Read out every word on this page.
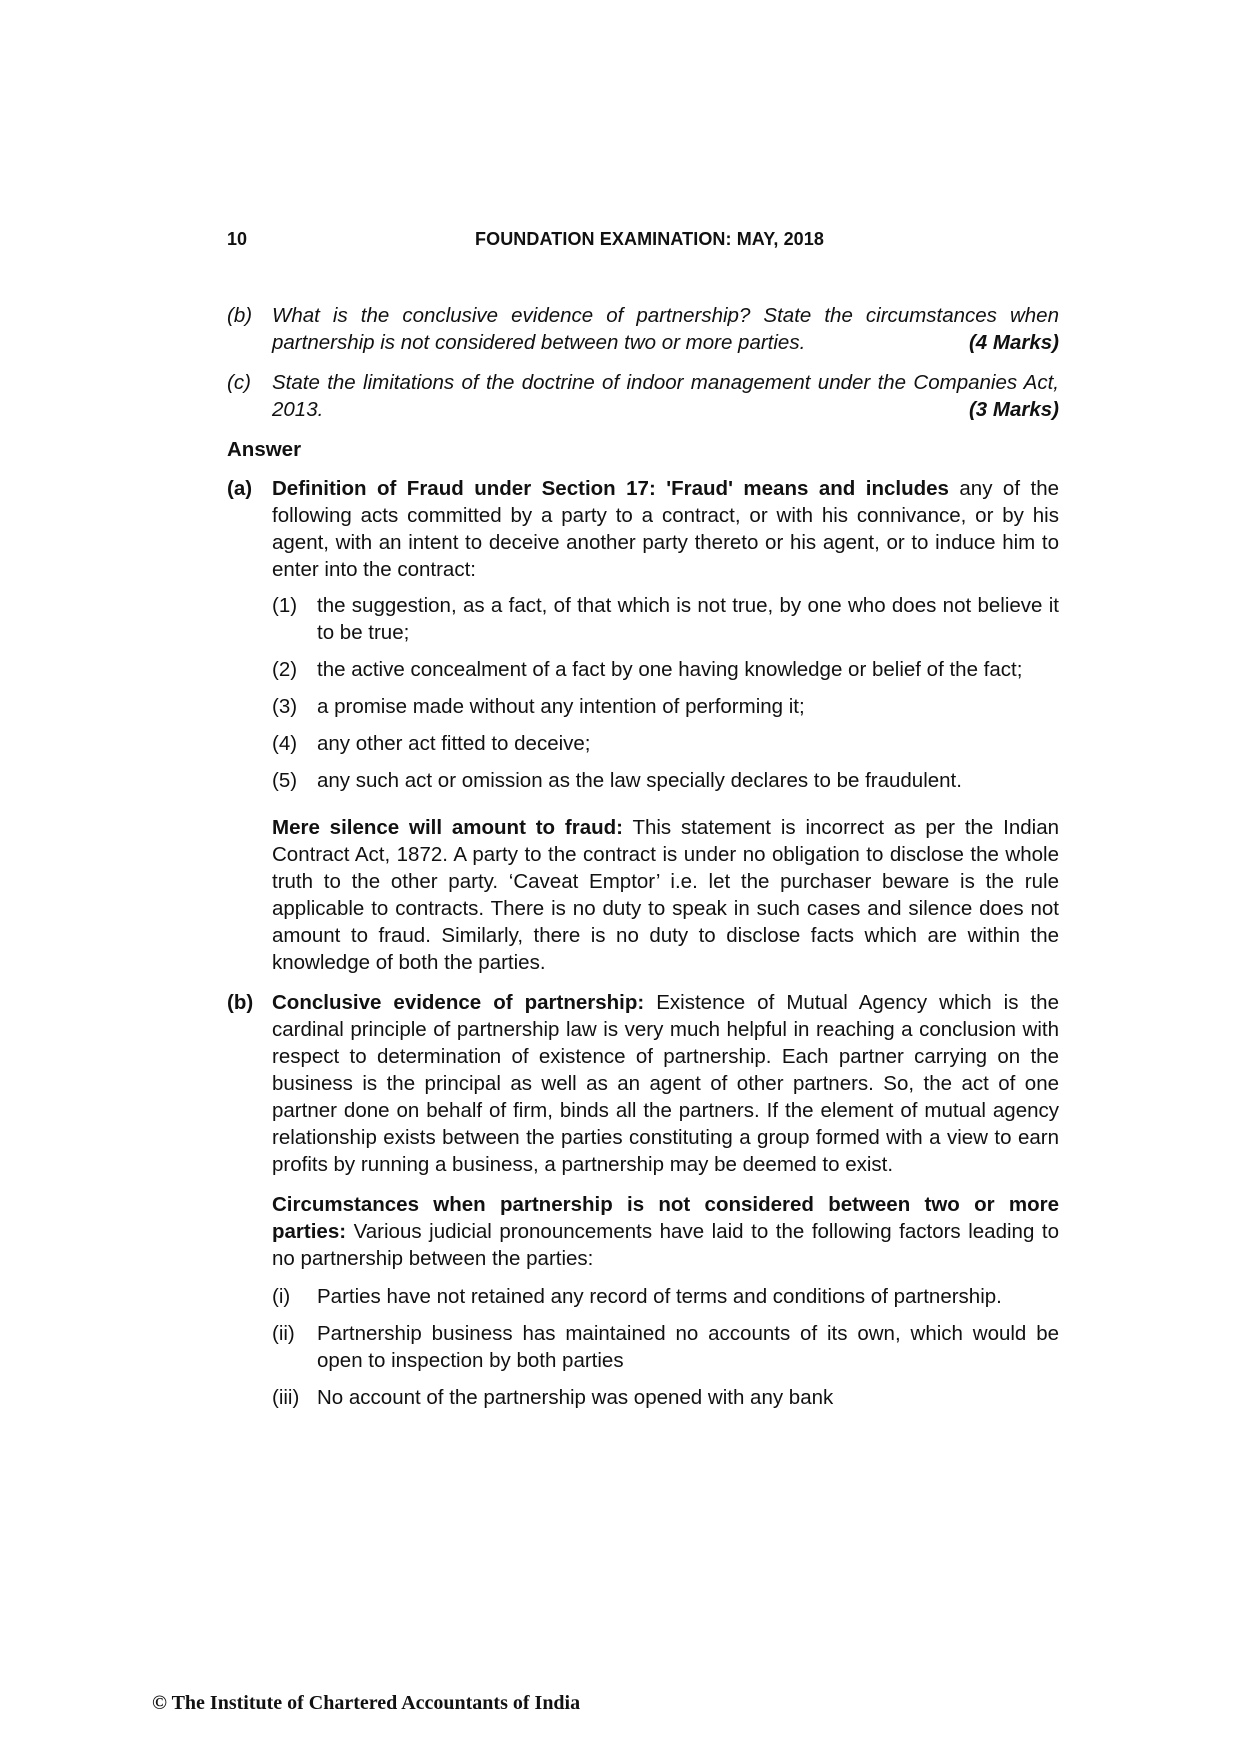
10	FOUNDATION EXAMINATION: MAY, 2018
(b) What is the conclusive evidence of partnership? State the circumstances when
partnership is not considered between two or more parties.	(4 Marks)
(c) State the limitations of the doctrine of indoor management under the Companies Act,
2013.	(3 Marks)
Answer
(a) Definition of Fraud under Section 17: 'Fraud' means and includes any of the following acts committed by a party to a contract, or with his connivance, or by his agent, with an intent to deceive another party thereto or his agent, or to induce him to enter into the contract:

(1) the suggestion, as a fact, of that which is not true, by one who does not believe it to be true;
(2) the active concealment of a fact by one having knowledge or belief of the fact;
(3) a promise made without any intention of performing it;
(4) any other act fitted to deceive;
(5) any such act or omission as the law specially declares to be fraudulent.
Mere silence will amount to fraud: This statement is incorrect as per the Indian Contract Act, 1872. A party to the contract is under no obligation to disclose the whole truth to the other party. ‘Caveat Emptor’ i.e. let the purchaser beware is the rule applicable to contracts. There is no duty to speak in such cases and silence does not amount to fraud. Similarly, there is no duty to disclose facts which are within the knowledge of both the parties.
(b) Conclusive evidence of partnership: Existence of Mutual Agency which is the cardinal principle of partnership law is very much helpful in reaching a conclusion with respect to determination of existence of partnership. Each partner carrying on the business is the principal as well as an agent of other partners. So, the act of one partner done on behalf of firm, binds all the partners. If the element of mutual agency relationship exists between the parties constituting a group formed with a view to earn profits by running a business, a partnership may be deemed to exist.

Circumstances when partnership is not considered between two or more parties: Various judicial pronouncements have laid to the following factors leading to no partnership between the parties:
(i) Parties have not retained any record of terms and conditions of partnership.
(ii) Partnership business has maintained no accounts of its own, which would be open to inspection by both parties
(iii) No account of the partnership was opened with any bank
© The Institute of Chartered Accountants of India
